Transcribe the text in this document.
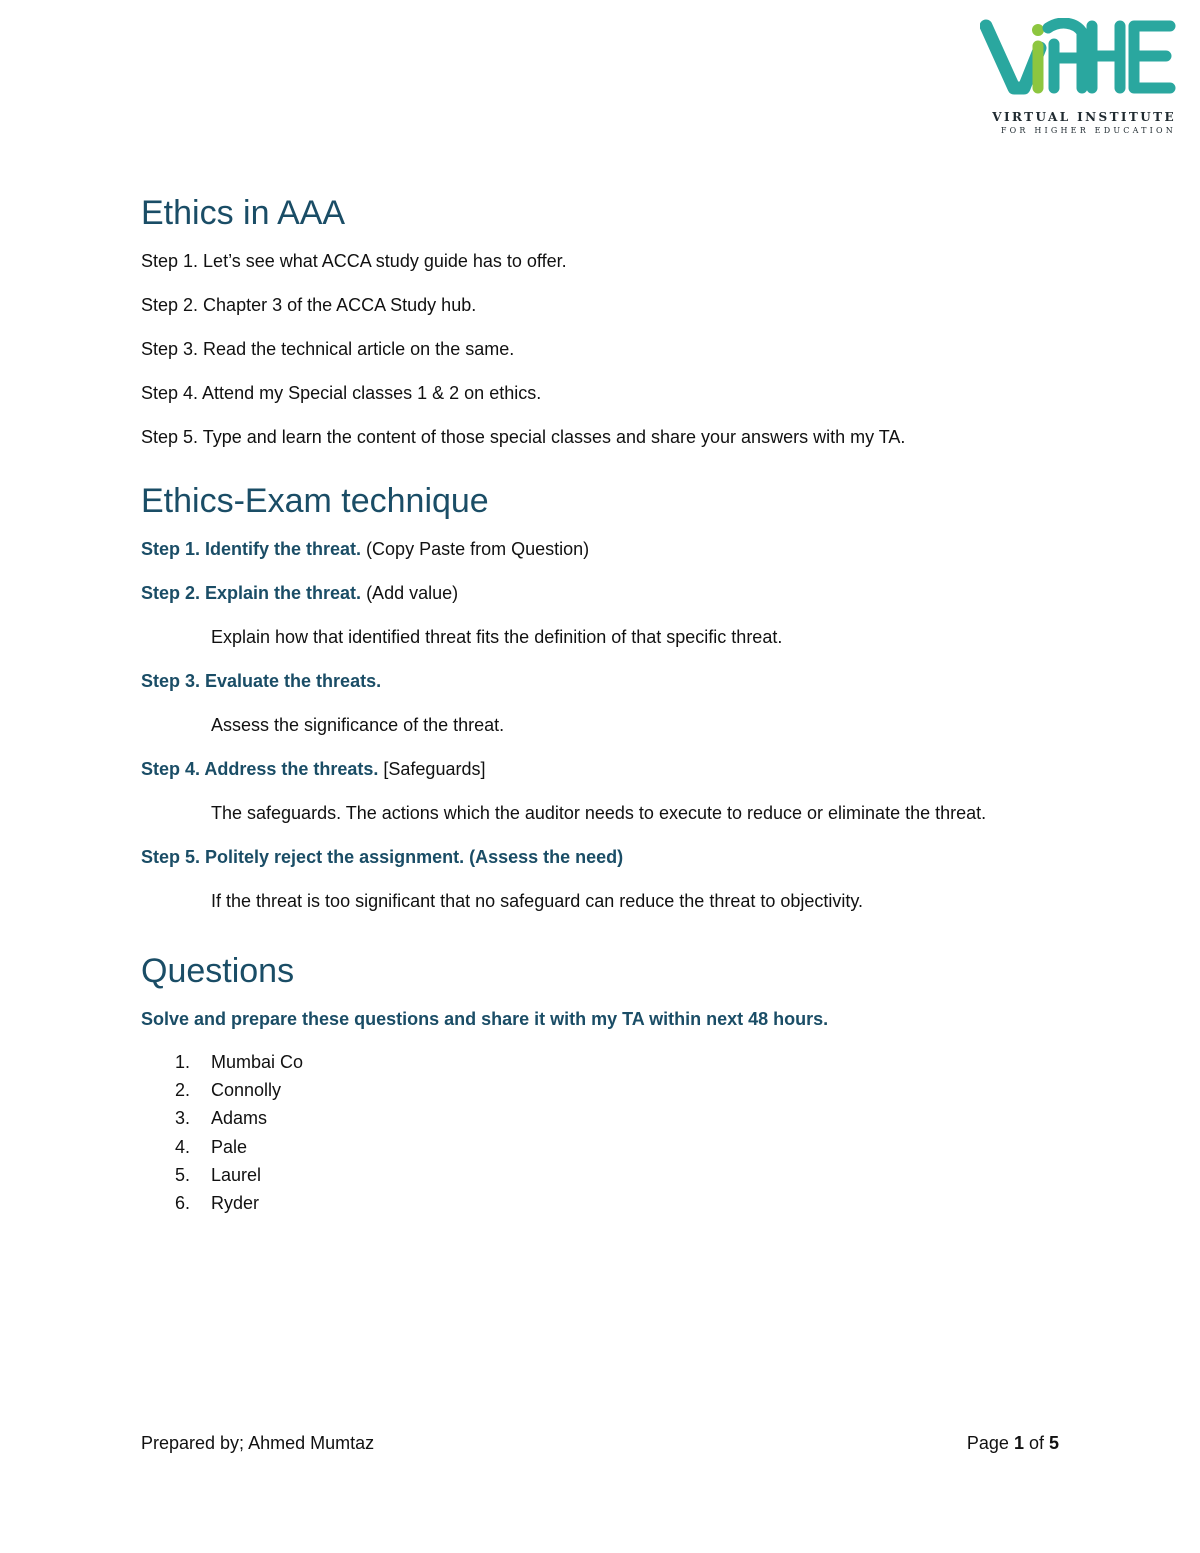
VIRTUAL INSTITUTE
FOR HIGHER EDUCATION
Ethics in AAA

Step 1. Let’s see what ACCA study guide has to offer.

Step 2. Chapter 3 of the ACCA Study hub.

Step 3. Read the technical article on the same.

Step 4. Attend my Special classes 1 & 2 on ethics.

Step 5. Type and learn the content of those special classes and share your answers with my TA.

Ethics-Exam technique

Step 1. Identify the threat. (Copy Paste from Question)

Step 2. Explain the threat. (Add value)

Explain how that identified threat fits the definition of that specific threat.

Step 3. Evaluate the threats.

Assess the significance of the threat.

Step 4. Address the threats. [Safeguards]

The safeguards. The actions which the auditor needs to execute to reduce or eliminate the threat.

Step 5. Politely reject the assignment. (Assess the need)

If the threat is too significant that no safeguard can reduce the threat to objectivity.

Questions

Solve and prepare these questions and share it with my TA within next 48 hours.

1.	Mumbai Co
2.	Connolly
3.	Adams
4.	Pale
5.	Laurel
6.	Ryder
Prepared by; Ahmed Mumtaz	Page 1 of 5
